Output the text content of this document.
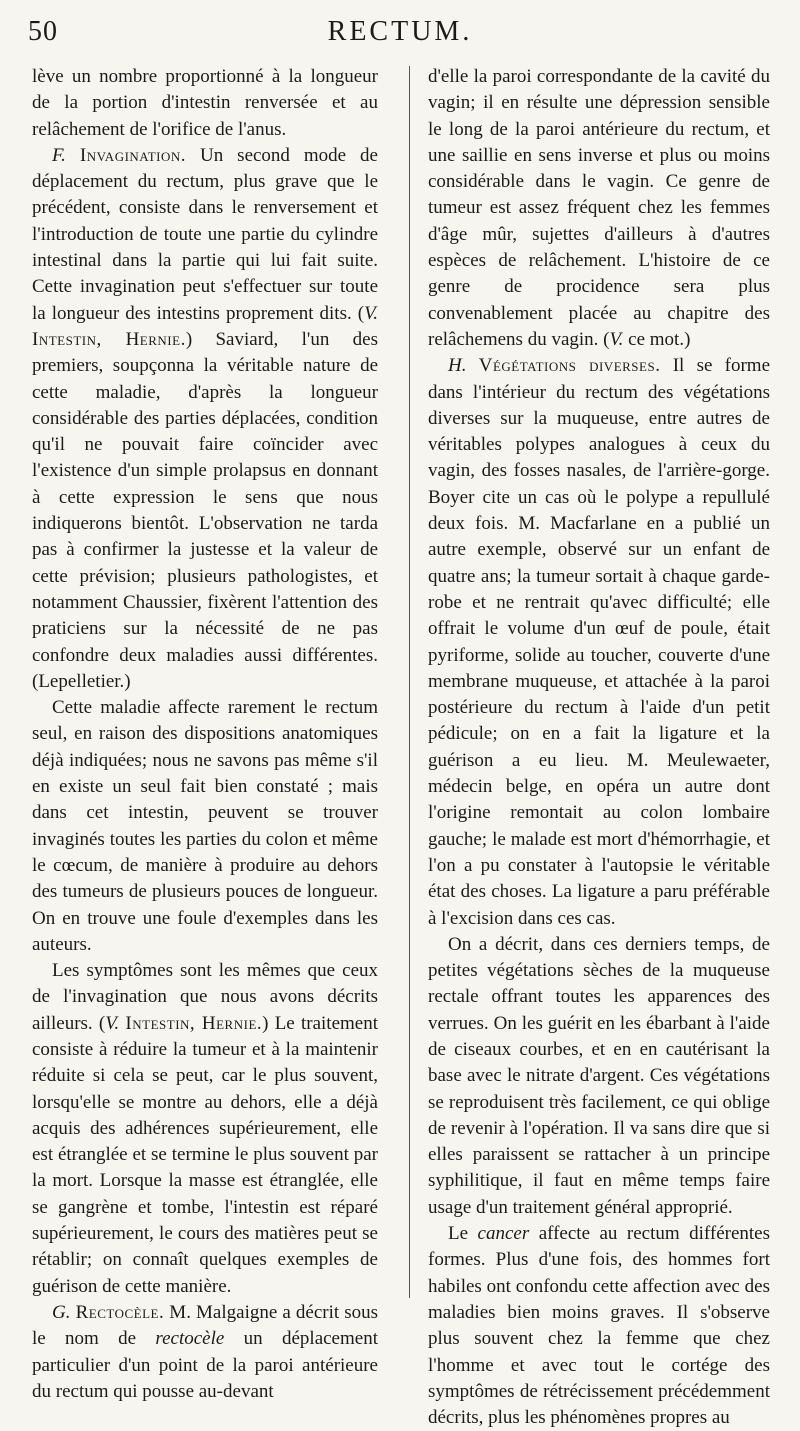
50	RECTUM.

lève un nombre proportionné à la longueur de la portion d'intestin renversée et au relâchement de l'orifice de l'anus.

F. Invagination. Un second mode de déplacement du rectum, plus grave que le précédent, consiste dans le renversement et l'introduction de toute une partie du cylindre intestinal dans la partie qui lui fait suite. Cette invagination peut s'effectuer sur toute la longueur des intestins proprement dits. (V. Intestin, Hernie.) Saviard, l'un des premiers, soupçonna la véritable nature de cette maladie, d'après la longueur considérable des parties déplacées, condition qu'il ne pouvait faire coïncider avec l'existence d'un simple prolapsus en donnant à cette expression le sens que nous indiquerons bientôt. L'observation ne tarda pas à confirmer la justesse et la valeur de cette prévision; plusieurs pathologistes, et notamment Chaussier, fixèrent l'attention des praticiens sur la nécessité de ne pas confondre deux maladies aussi différentes. (Lepelletier.)

Cette maladie affecte rarement le rectum seul, en raison des dispositions anatomiques déjà indiquées; nous ne savons pas même s'il en existe un seul fait bien constaté ; mais dans cet intestin, peuvent se trouver invaginés toutes les parties du colon et même le cœcum, de manière à produire au dehors des tumeurs de plusieurs pouces de longueur. On en trouve une foule d'exemples dans les auteurs.

Les symptômes sont les mêmes que ceux de l'invagination que nous avons décrits ailleurs. (V. Intestin, Hernie.) Le traitement consiste à réduire la tumeur et à la maintenir réduite si cela se peut, car le plus souvent, lorsqu'elle se montre au dehors, elle a déjà acquis des adhérences supérieurement, elle est étranglée et se termine le plus souvent par la mort. Lorsque la masse est étranglée, elle se gangrène et tombe, l'intestin est réparé supérieurement, le cours des matières peut se rétablir; on connaît quelques exemples de guérison de cette manière.

G. Rectocèle. M. Malgaigne a décrit sous le nom de rectocèle un déplacement particulier d'un point de la paroi antérieure du rectum qui pousse au-devant

d'elle la paroi correspondante de la cavité du vagin; il en résulte une dépression sensible le long de la paroi antérieure du rectum, et une saillie en sens inverse et plus ou moins considérable dans le vagin. Ce genre de tumeur est assez fréquent chez les femmes d'âge mûr, sujettes d'ailleurs à d'autres espèces de relâchement. L'histoire de ce genre de procidence sera plus convenablement placée au chapitre des relâchemens du vagin. (V. ce mot.)

H. Végétations diverses. Il se forme dans l'intérieur du rectum des végétations diverses sur la muqueuse, entre autres de véritables polypes analogues à ceux du vagin, des fosses nasales, de l'arrière-gorge. Boyer cite un cas où le polype a repullulé deux fois. M. Macfarlane en a publié un autre exemple, observé sur un enfant de quatre ans; la tumeur sortait à chaque garde-robe et ne rentrait qu'avec difficulté; elle offrait le volume d'un œuf de poule, était pyriforme, solide au toucher, couverte d'une membrane muqueuse, et attachée à la paroi postérieure du rectum à l'aide d'un petit pédicule; on en a fait la ligature et la guérison a eu lieu. M. Meulewaeter, médecin belge, en opéra un autre dont l'origine remontait au colon lombaire gauche; le malade est mort d'hémorrhagie, et l'on a pu constater à l'autopsie le véritable état des choses. La ligature a paru préférable à l'excision dans ces cas.

On a décrit, dans ces derniers temps, de petites végétations sèches de la muqueuse rectale offrant toutes les apparences des verrues. On les guérit en les ébarbant à l'aide de ciseaux courbes, et en en cautérisant la base avec le nitrate d'argent. Ces végétations se reproduisent très facilement, ce qui oblige de revenir à l'opération. Il va sans dire que si elles paraissent se rattacher à un principe syphilitique, il faut en même temps faire usage d'un traitement général approprié.

Le cancer affecte au rectum différentes formes. Plus d'une fois, des hommes fort habiles ont confondu cette affection avec des maladies bien moins graves. Il s'observe plus souvent chez la femme que chez l'homme et avec tout le cortége des symptômes de rétrécissement précédemment décrits, plus les phénomènes propres au
